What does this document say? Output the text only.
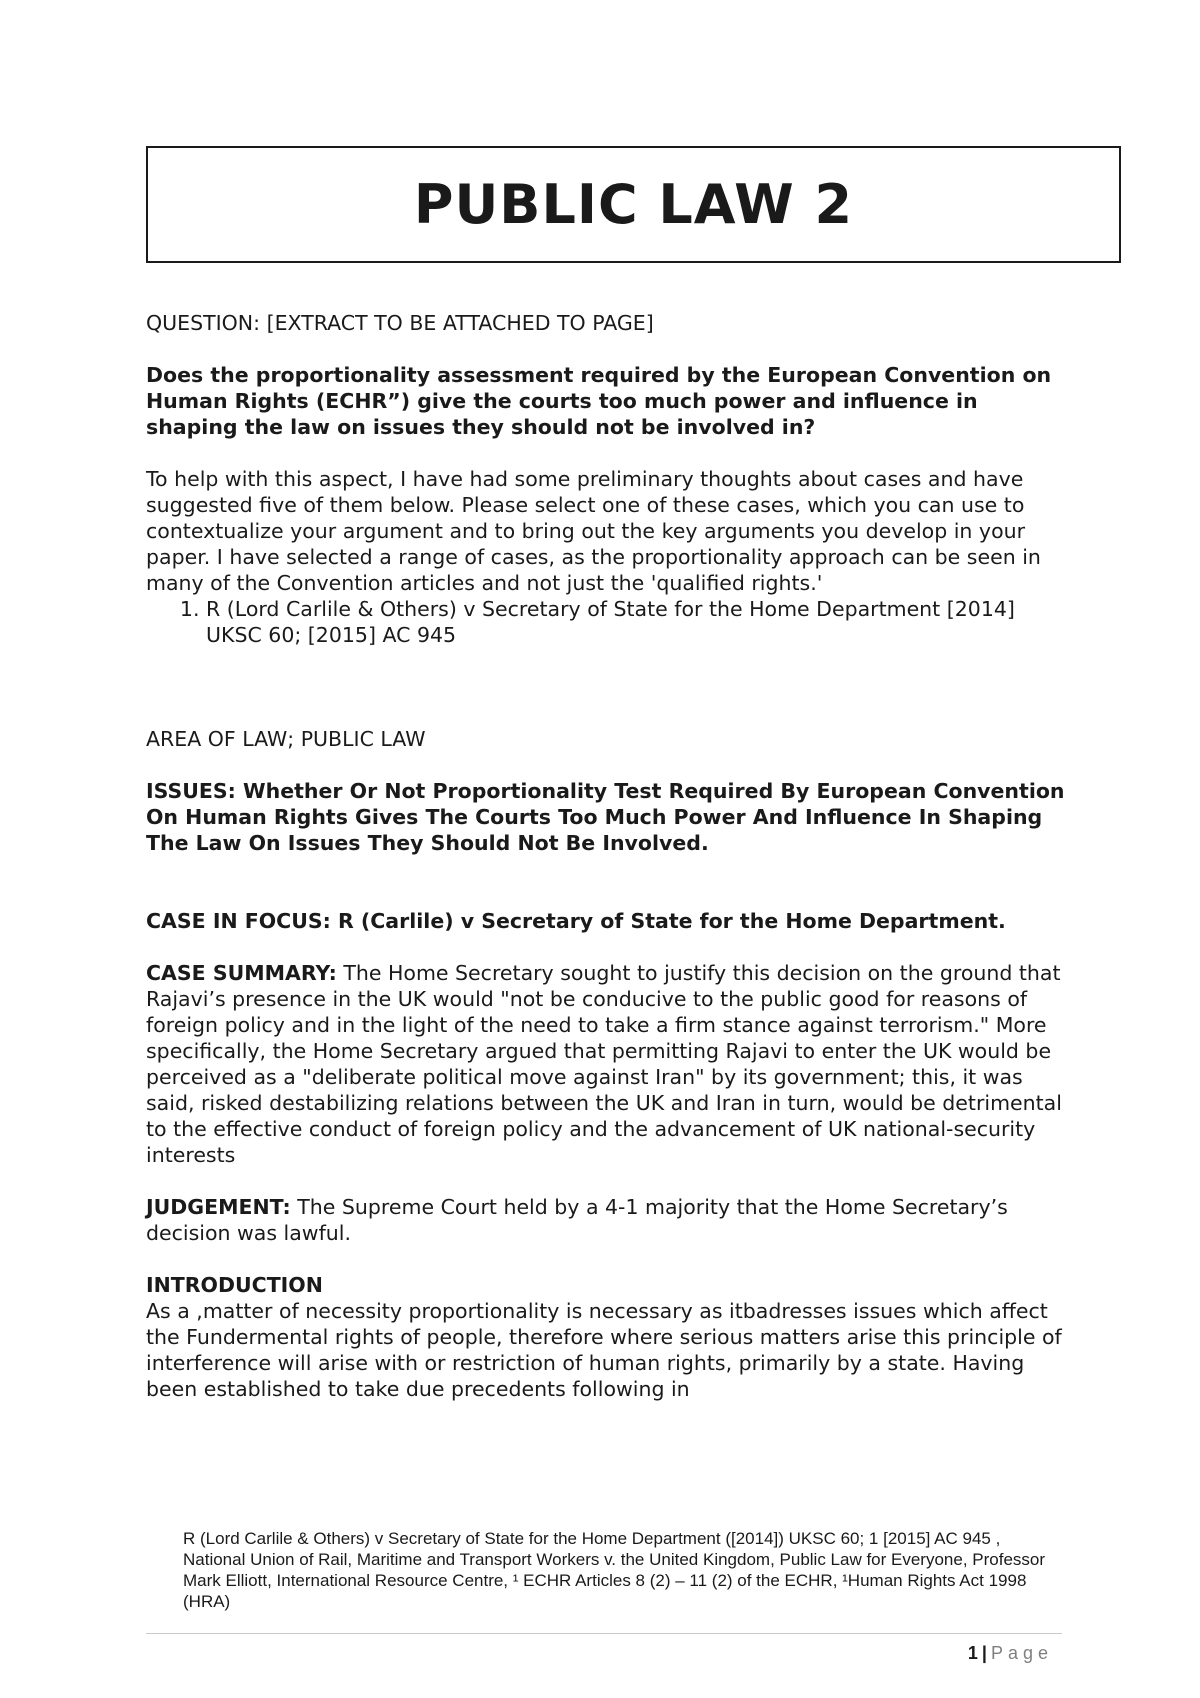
PUBLIC LAW 2

QUESTION: [EXTRACT TO BE ATTACHED TO PAGE]

Does the proportionality assessment required by the European Convention on Human Rights (ECHR”) give the courts too much power and influence in shaping the law on issues they should not be involved in?

To help with this aspect, I have had some preliminary thoughts about cases and have suggested five of them below. Please select one of these cases, which you can use to contextualize your argument and to bring out the key arguments you develop in your paper. I have selected a range of cases, as the proportionality approach can be seen in many of the Convention articles and not just the 'qualified rights.'

1. R (Lord Carlile & Others) v Secretary of State for the Home Department [2014] UKSC 60; [2015] AC 945

AREA OF LAW; PUBLIC LAW

ISSUES: Whether Or Not Proportionality Test Required By European Convention On Human Rights Gives The Courts Too Much Power And Influence In Shaping The Law On Issues They Should Not Be Involved.

CASE IN FOCUS: R (Carlile) v Secretary of State for the Home Department.

CASE SUMMARY: The Home Secretary sought to justify this decision on the ground that Rajavi’s presence in the UK would "not be conducive to the public good for reasons of foreign policy and in the light of the need to take a firm stance against terrorism." More specifically, the Home Secretary argued that permitting Rajavi to enter the UK would be perceived as a "deliberate political move against Iran" by its government; this, it was said, risked destabilizing relations between the UK and Iran in turn, would be detrimental to the effective conduct of foreign policy and the advancement of UK national-security interests

JUDGEMENT: The Supreme Court held by a 4-1 majority that the Home Secretary’s decision was lawful.

INTRODUCTION

As a ,matter of necessity proportionality is necessary as itbadresses issues which affect the Fundermental rights of people, therefore where serious matters arise this principle of interference will arise with or restriction of human rights, primarily by a state. Having been established to take due precedents following in

R (Lord Carlile & Others) v Secretary of State for the Home Department ([2014]) UKSC 60; 1 [2015] AC 945 , National Union of Rail, Maritime and Transport Workers v. the United Kingdom, Public Law for Everyone, Professor Mark Elliott, International Resource Centre, ¹ ECHR Articles 8 (2) – 11 (2) of the ECHR, ¹Human Rights Act 1998 (HRA)

1 | Page
